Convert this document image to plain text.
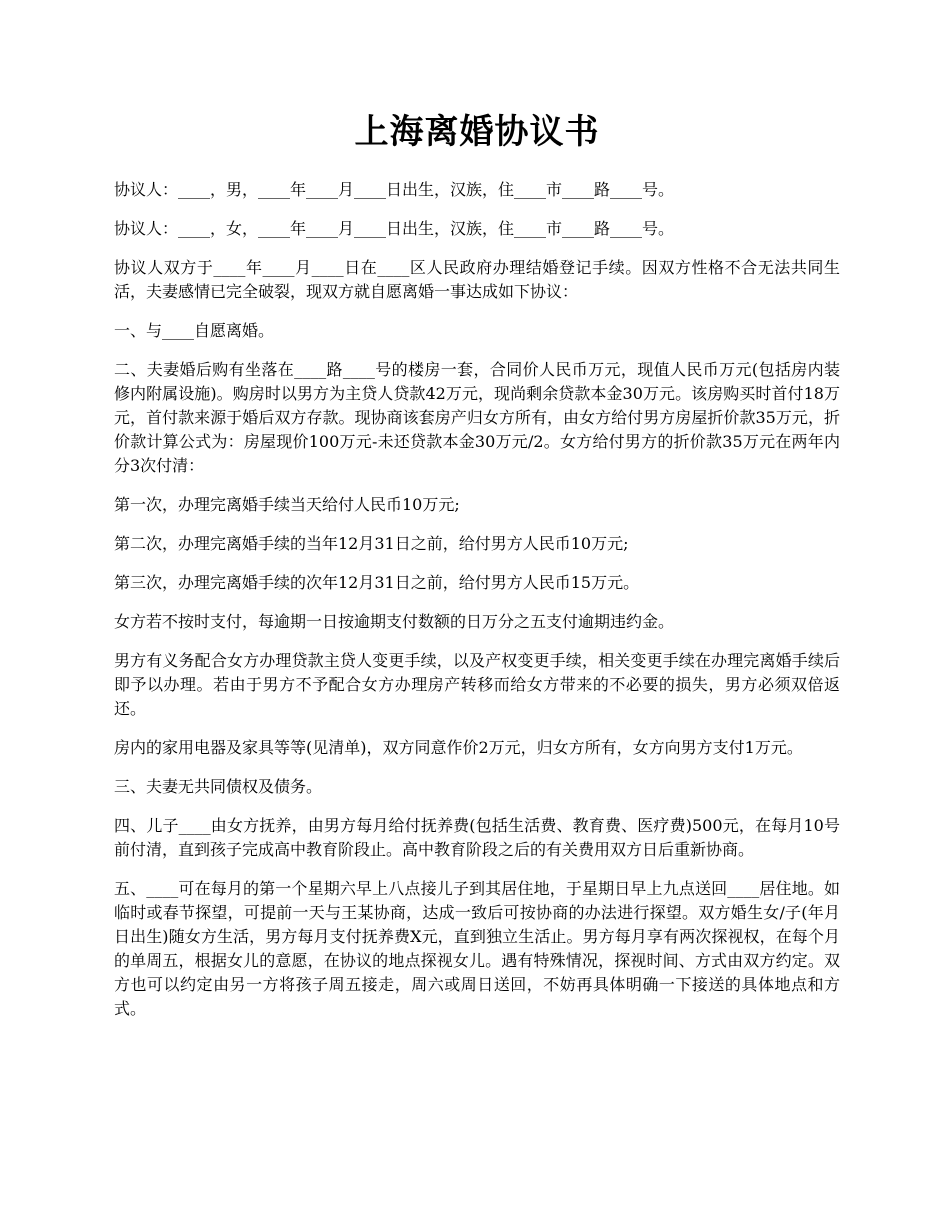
上海离婚协议书

协议人：____，男，____年____月____日出生，汉族，住____市____路____号。

协议人：____，女，____年____月____日出生，汉族，住____市____路____号。

协议人双方于____年____月____日在____区人民政府办理结婚登记手续。因双方性格不合无法共同生活，夫妻感情已完全破裂，现双方就自愿离婚一事达成如下协议：

一、与____自愿离婚。

二、夫妻婚后购有坐落在____路____号的楼房一套，合同价人民币万元，现值人民币万元(包括房内装修内附属设施)。购房时以男方为主贷人贷款42万元，现尚剩余贷款本金30万元。该房购买时首付18万元，首付款来源于婚后双方存款。现协商该套房产归女方所有，由女方给付男方房屋折价款35万元，折价款计算公式为：房屋现价100万元-未还贷款本金30万元/2。女方给付男方的折价款35万元在两年内分3次付清：

第一次，办理完离婚手续当天给付人民币10万元;

第二次，办理完离婚手续的当年12月31日之前，给付男方人民币10万元;

第三次，办理完离婚手续的次年12月31日之前，给付男方人民币15万元。

女方若不按时支付，每逾期一日按逾期支付数额的日万分之五支付逾期违约金。

男方有义务配合女方办理贷款主贷人变更手续，以及产权变更手续，相关变更手续在办理完离婚手续后即予以办理。若由于男方不予配合女方办理房产转移而给女方带来的不必要的损失，男方必须双倍返还。

房内的家用电器及家具等等(见清单)，双方同意作价2万元，归女方所有，女方向男方支付1万元。

三、夫妻无共同债权及债务。

四、儿子____由女方抚养，由男方每月给付抚养费(包括生活费、教育费、医疗费)500元，在每月10号前付清，直到孩子完成高中教育阶段止。高中教育阶段之后的有关费用双方日后重新协商。

五、____可在每月的第一个星期六早上八点接儿子到其居住地，于星期日早上九点送回____居住地。如临时或春节探望，可提前一天与王某协商，达成一致后可按协商的办法进行探望。双方婚生女/子(年月日出生)随女方生活，男方每月支付抚养费X元，直到独立生活止。男方每月享有两次探视权，在每个月的单周五，根据女儿的意愿，在协议的地点探视女儿。遇有特殊情况，探视时间、方式由双方约定。双方也可以约定由另一方将孩子周五接走，周六或周日送回，不妨再具体明确一下接送的具体地点和方式。
